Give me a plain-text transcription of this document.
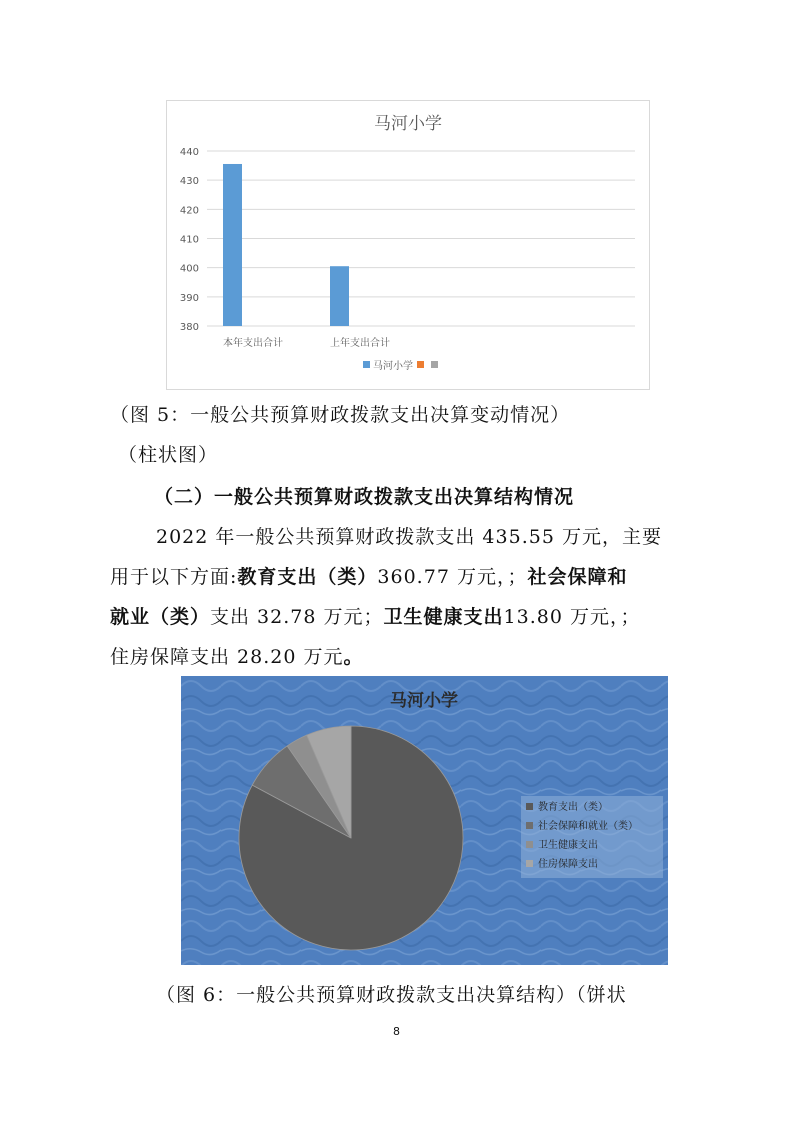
马河小学
380
390
400
410
420
430
440
本年支出合计	上年支出合计
马河小学
（图 5：一般公共预算财政拨款支出决算变动情况）
（柱状图）
（二）一般公共预算财政拨款支出决算结构情况
2022 年一般公共预算财政拨款支出 435.55 万元，主要
用于以下方面:教育支出（类）360.77 万元，；社会保障和
就业（类）支出 32.78 万元；卫生健康支出13.80 万元，；
住房保障支出 28.20 万元。
马河小学
教育支出（类）
社会保障和就业（类）
卫生健康支出
住房保障支出
（图 6：一般公共预算财政拨款支出决算结构）（饼状
8
